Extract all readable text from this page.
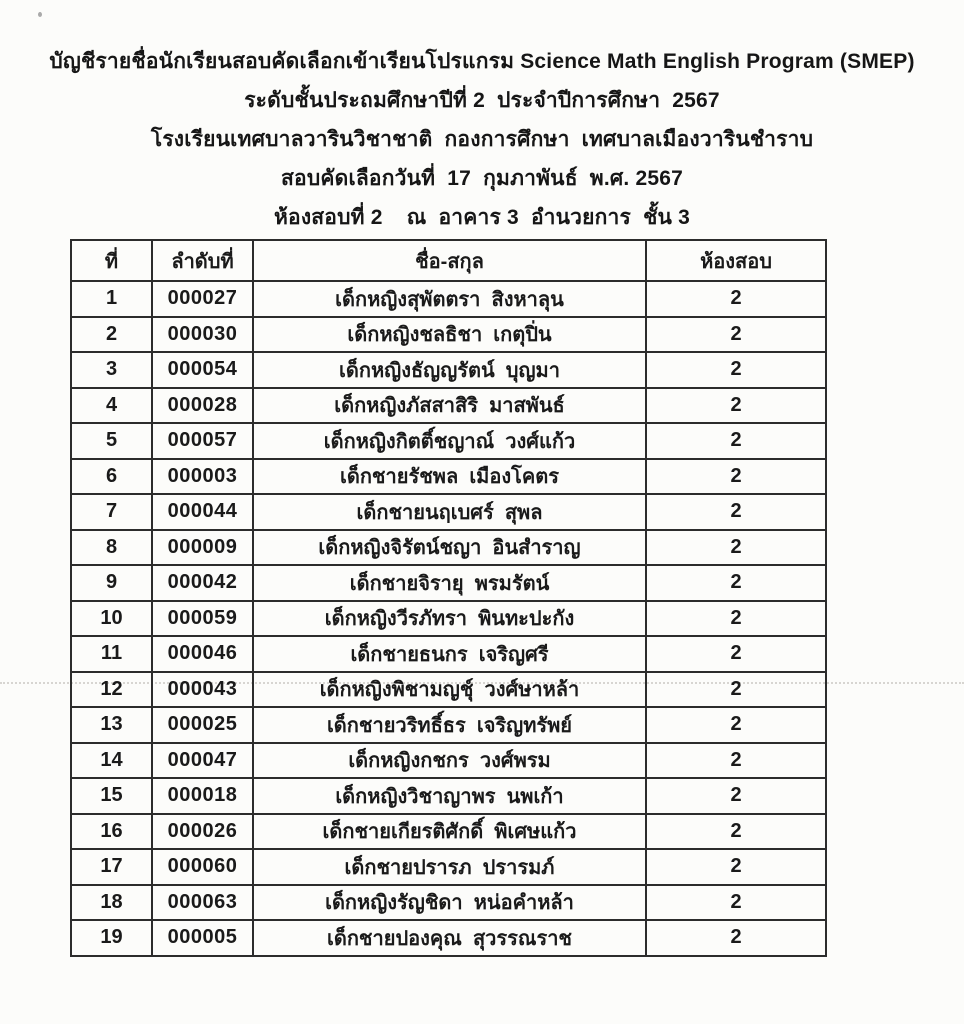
บัญชีรายชื่อนักเรียนสอบคัดเลือกเข้าเรียนโปรแกรม Science Math English Program (SMEP)
ระดับชั้นประถมศึกษาปีที่ 2  ประจำปีการศึกษา  2567
โรงเรียนเทศบาลวารินวิชาชาติ  กองการศึกษา  เทศบาลเมืองวารินชำราบ
สอบคัดเลือกวันที่  17  กุมภาพันธ์  พ.ศ. 2567
ห้องสอบที่ 2    ณ  อาคาร 3  อำนวยการ  ชั้น 3
ที่	ลำดับที่	ชื่อ-สกุล	ห้องสอบ
1	000027	เด็กหญิงสุพัตตรา  สิงหาลุน	2
2	000030	เด็กหญิงชลธิชา  เกตุปิ่น	2
3	000054	เด็กหญิงธัญญรัตน์  บุญมา	2
4	000028	เด็กหญิงภัสสาสิริ  มาสพันธ์	2
5	000057	เด็กหญิงกิตติ์ชญาณ์  วงศ์แก้ว	2
6	000003	เด็กชายรัชพล  เมืองโคตร	2
7	000044	เด็กชายนฤเบศร์  สุพล	2
8	000009	เด็กหญิงจิรัตน์ชญา  อินสำราญ	2
9	000042	เด็กชายจิรายุ  พรมรัตน์	2
10	000059	เด็กหญิงวีรภัทรา  พินทะปะกัง	2
11	000046	เด็กชายธนกร  เจริญศรี	2
12	000043	เด็กหญิงพิชามญชุ์  วงศ์ษาหล้า	2
13	000025	เด็กชายวริทธิ์ธร  เจริญทรัพย์	2
14	000047	เด็กหญิงกชกร  วงศ์พรม	2
15	000018	เด็กหญิงวิชาญาพร  นพเก้า	2
16	000026	เด็กชายเกียรติศักดิ์  พิเศษแก้ว	2
17	000060	เด็กชายปรารภ  ปรารมภ์	2
18	000063	เด็กหญิงรัญชิดา  หน่อคำหล้า	2
19	000005	เด็กชายปองคุณ  สุวรรณราช	2
